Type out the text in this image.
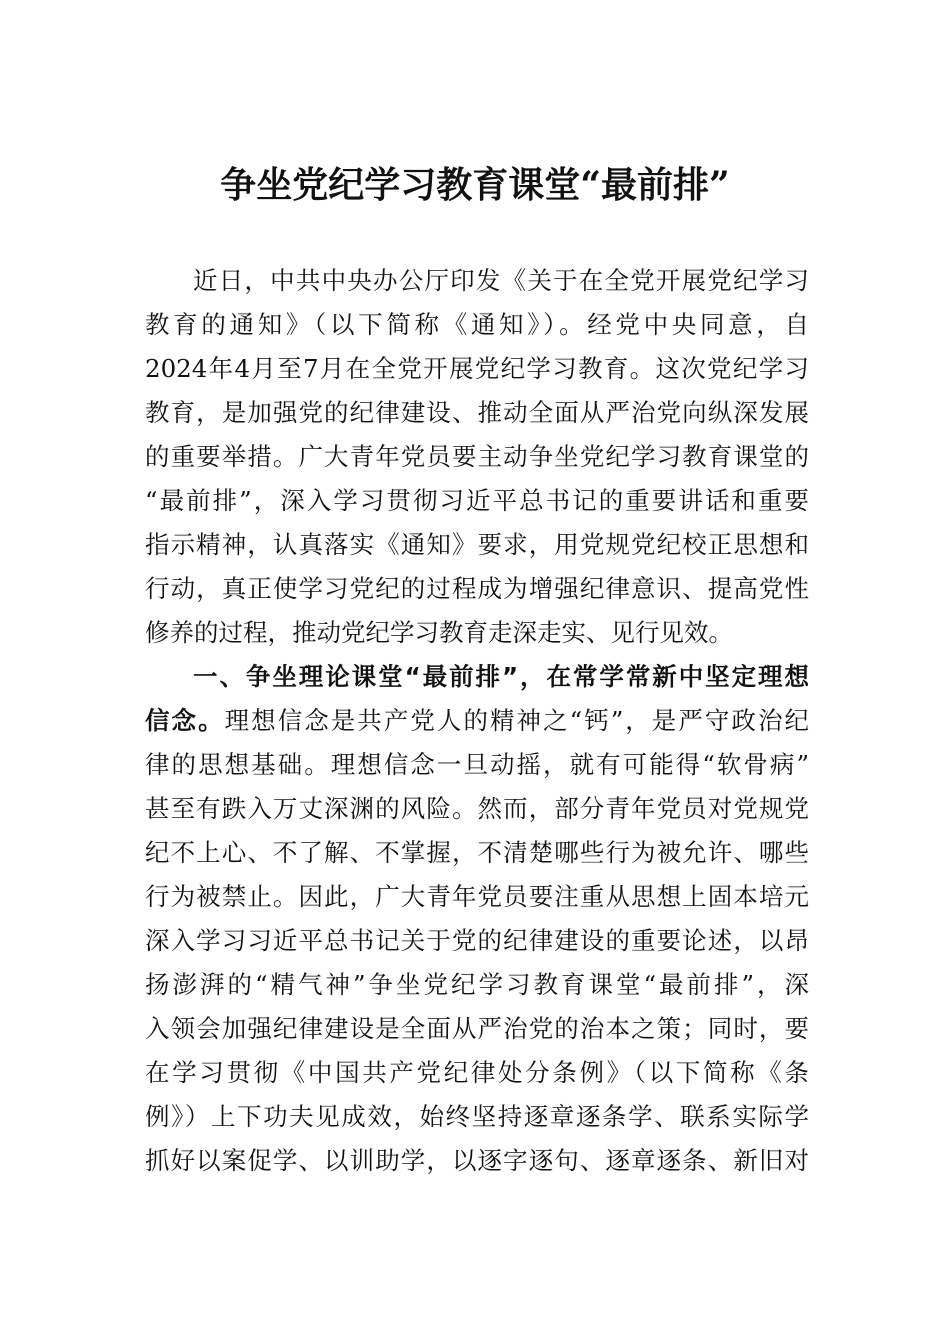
争坐党纪学习教育课堂“最前排”
近日，中共中央办公厅印发《关于在全党开展党纪学习
教育的通知》（以下简称《通知》）。经党中央同意，自
2024年4月至7月在全党开展党纪学习教育。这次党纪学习
教育，是加强党的纪律建设、推动全面从严治党向纵深发展
的重要举措。广大青年党员要主动争坐党纪学习教育课堂的
“最前排”，深入学习贯彻习近平总书记的重要讲话和重要
指示精神，认真落实《通知》要求，用党规党纪校正思想和
行动，真正使学习党纪的过程成为增强纪律意识、提高党性
修养的过程，推动党纪学习教育走深走实、见行见效。
一、争坐理论课堂“最前排”，在常学常新中坚定理想
信念。理想信念是共产党人的精神之“钙”，是严守政治纪
律的思想基础。理想信念一旦动摇，就有可能得“软骨病”
甚至有跌入万丈深渊的风险。然而，部分青年党员对党规党
纪不上心、不了解、不掌握，不清楚哪些行为被允许、哪些
行为被禁止。因此，广大青年党员要注重从思想上固本培元
深入学习习近平总书记关于党的纪律建设的重要论述，以昂
扬澎湃的“精气神”争坐党纪学习教育课堂“最前排”，深
入领会加强纪律建设是全面从严治党的治本之策；同时，要
在学习贯彻《中国共产党纪律处分条例》（以下简称《条
例》）上下功夫见成效，始终坚持逐章逐条学、联系实际学
抓好以案促学、以训助学，以逐字逐句、逐章逐条、新旧对
